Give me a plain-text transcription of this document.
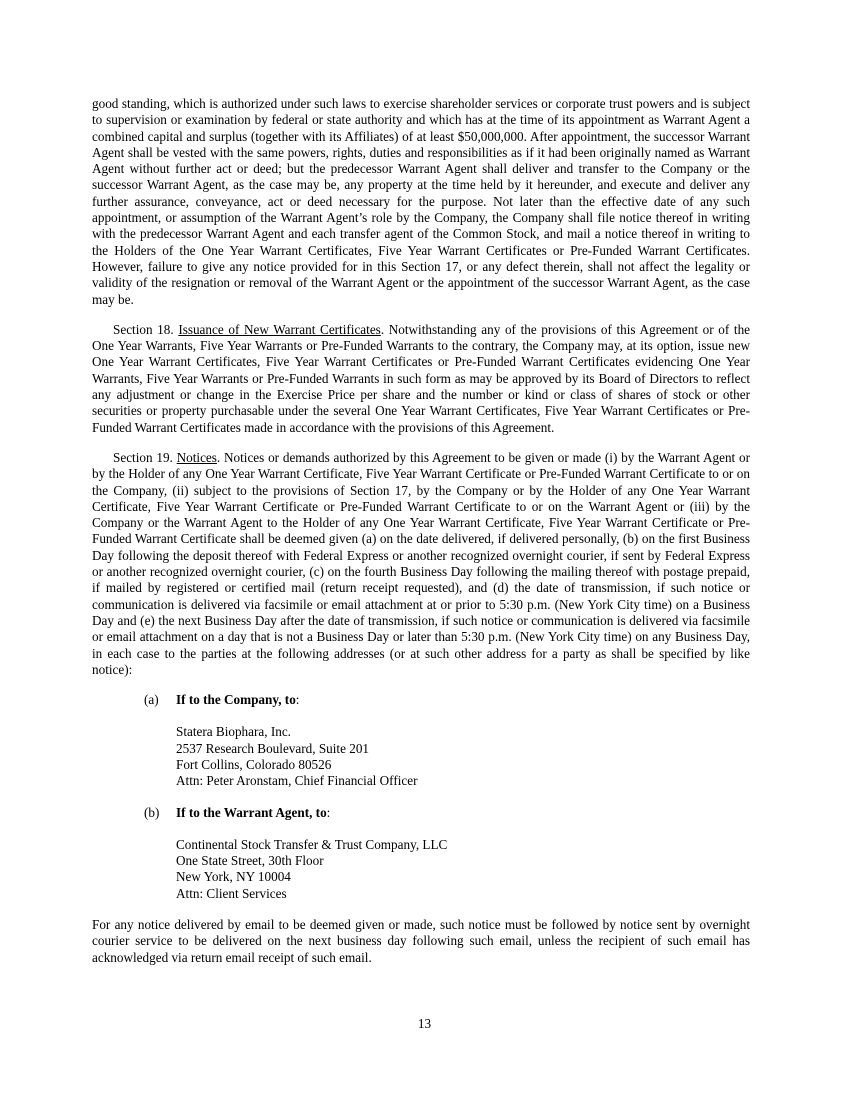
good standing, which is authorized under such laws to exercise shareholder services or corporate trust powers and is subject to supervision or examination by federal or state authority and which has at the time of its appointment as Warrant Agent a combined capital and surplus (together with its Affiliates) of at least $50,000,000. After appointment, the successor Warrant Agent shall be vested with the same powers, rights, duties and responsibilities as if it had been originally named as Warrant Agent without further act or deed; but the predecessor Warrant Agent shall deliver and transfer to the Company or the successor Warrant Agent, as the case may be, any property at the time held by it hereunder, and execute and deliver any further assurance, conveyance, act or deed necessary for the purpose. Not later than the effective date of any such appointment, or assumption of the Warrant Agent’s role by the Company, the Company shall file notice thereof in writing with the predecessor Warrant Agent and each transfer agent of the Common Stock, and mail a notice thereof in writing to the Holders of the One Year Warrant Certificates, Five Year Warrant Certificates or Pre-Funded Warrant Certificates. However, failure to give any notice provided for in this Section 17, or any defect therein, shall not affect the legality or validity of the resignation or removal of the Warrant Agent or the appointment of the successor Warrant Agent, as the case may be.

Section 18. Issuance of New Warrant Certificates. Notwithstanding any of the provisions of this Agreement or of the One Year Warrants, Five Year Warrants or Pre-Funded Warrants to the contrary, the Company may, at its option, issue new One Year Warrant Certificates, Five Year Warrant Certificates or Pre-Funded Warrant Certificates evidencing One Year Warrants, Five Year Warrants or Pre-Funded Warrants in such form as may be approved by its Board of Directors to reflect any adjustment or change in the Exercise Price per share and the number or kind or class of shares of stock or other securities or property purchasable under the several One Year Warrant Certificates, Five Year Warrant Certificates or Pre-Funded Warrant Certificates made in accordance with the provisions of this Agreement.

Section 19. Notices. Notices or demands authorized by this Agreement to be given or made (i) by the Warrant Agent or by the Holder of any One Year Warrant Certificate, Five Year Warrant Certificate or Pre-Funded Warrant Certificate to or on the Company, (ii) subject to the provisions of Section 17, by the Company or by the Holder of any One Year Warrant Certificate, Five Year Warrant Certificate or Pre-Funded Warrant Certificate to or on the Warrant Agent or (iii) by the Company or the Warrant Agent to the Holder of any One Year Warrant Certificate, Five Year Warrant Certificate or Pre-Funded Warrant Certificate shall be deemed given (a) on the date delivered, if delivered personally, (b) on the first Business Day following the deposit thereof with Federal Express or another recognized overnight courier, if sent by Federal Express or another recognized overnight courier, (c) on the fourth Business Day following the mailing thereof with postage prepaid, if mailed by registered or certified mail (return receipt requested), and (d) the date of transmission, if such notice or communication is delivered via facsimile or email attachment at or prior to 5:30 p.m. (New York City time) on a Business Day and (e) the next Business Day after the date of transmission, if such notice or communication is delivered via facsimile or email attachment on a day that is not a Business Day or later than 5:30 p.m. (New York City time) on any Business Day, in each case to the parties at the following addresses (or at such other address for a party as shall be specified by like notice):

(a) If to the Company, to:
Statera Biophara, Inc.
2537 Research Boulevard, Suite 201
Fort Collins, Colorado 80526
Attn: Peter Aronstam, Chief Financial Officer
(b) If to the Warrant Agent, to:
Continental Stock Transfer & Trust Company, LLC
One State Street, 30th Floor
New York, NY 10004
Attn: Client Services

For any notice delivered by email to be deemed given or made, such notice must be followed by notice sent by overnight courier service to be delivered on the next business day following such email, unless the recipient of such email has acknowledged via return email receipt of such email.

13
